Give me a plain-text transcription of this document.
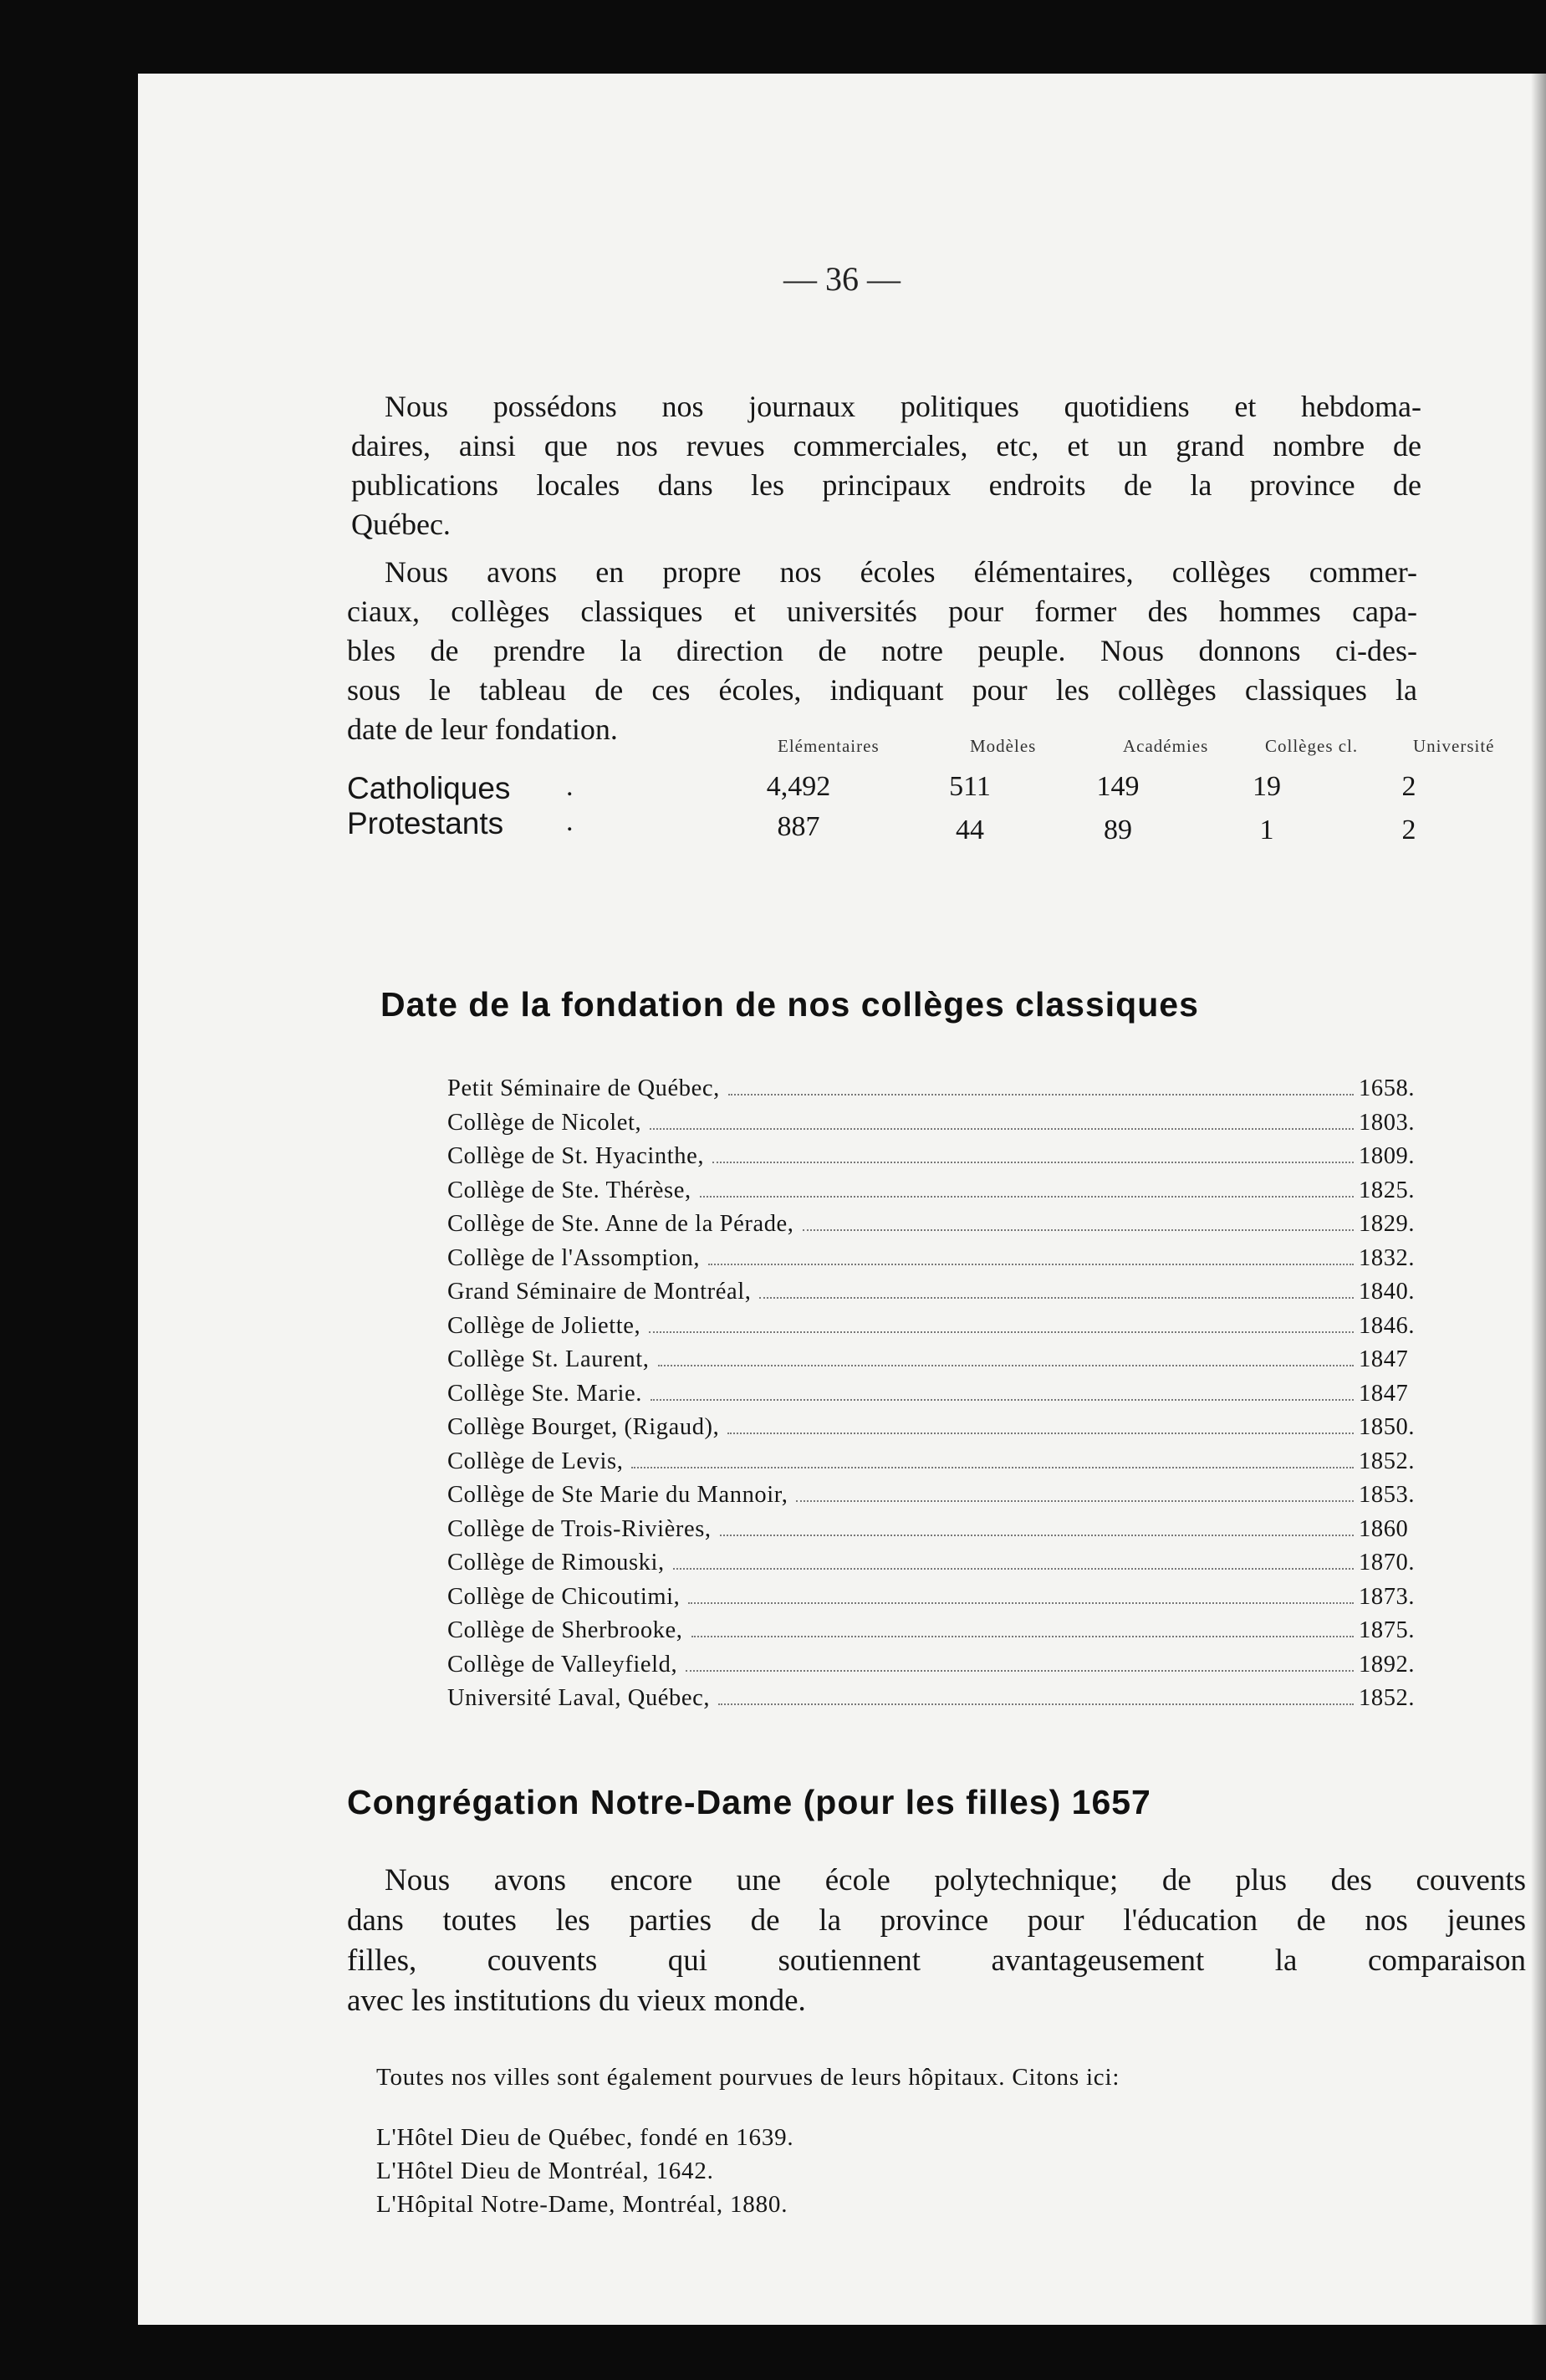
— 36 —
Nous possédons nos journaux politiques quotidiens et hebdoma-
daires, ainsi que nos revues commerciales, etc, et un grand nombre de
publications locales dans les principaux endroits de la province de
Québec.
Nous avons en propre nos écoles élémentaires, collèges commer-
ciaux, collèges classiques et universités pour former des hommes capa-
bles de prendre la direction de notre peuple. Nous donnons ci-des-
sous le tableau de ces écoles, indiquant pour les collèges classiques la
date de leur fondation.	Elémentaires	Modèles	Académies	Collèges cl.	Université
Catholiques .	4,492	511	149	19	2
Protestants .	887	44	89	1	2
Date de la fondation de nos collèges classiques
Petit Séminaire de Québec,	1658.
Collège de Nicolet,	1803.
Collège de St. Hyacinthe,	1809.
Collège de Ste. Thérèse,	1825.
Collège de Ste. Anne de la Pérade,	1829.
Collège de l'Assomption,	1832.
Grand Séminaire de Montréal,	1840.
Collège de Joliette,	1846.
Collège St. Laurent,	1847
Collège Ste. Marie.	1847
Collège Bourget, (Rigaud),	1850.
Collège de Levis,	1852.
Collège de Ste Marie du Mannoir,	1853.
Collège de Trois-Rivières,	1860
Collège de Rimouski,	1870.
Collège de Chicoutimi,	1873.
Collège de Sherbrooke,	1875.
Collège de Valleyfield,	1892.
Université Laval, Québec,	1852.
Congrégation Notre-Dame (pour les filles) 1657
Nous avons encore une école polytechnique; de plus des couvents
dans toutes les parties de la province pour l'éducation de nos jeunes
filles, couvents qui soutiennent avantageusement la comparaison
avec les institutions du vieux monde.
Toutes nos villes sont également pourvues de leurs hôpitaux. Citons ici:
L'Hôtel Dieu de Québec, fondé en 1639.
L'Hôtel Dieu de Montréal, 1642.
L'Hôpital Notre-Dame, Montréal, 1880.
